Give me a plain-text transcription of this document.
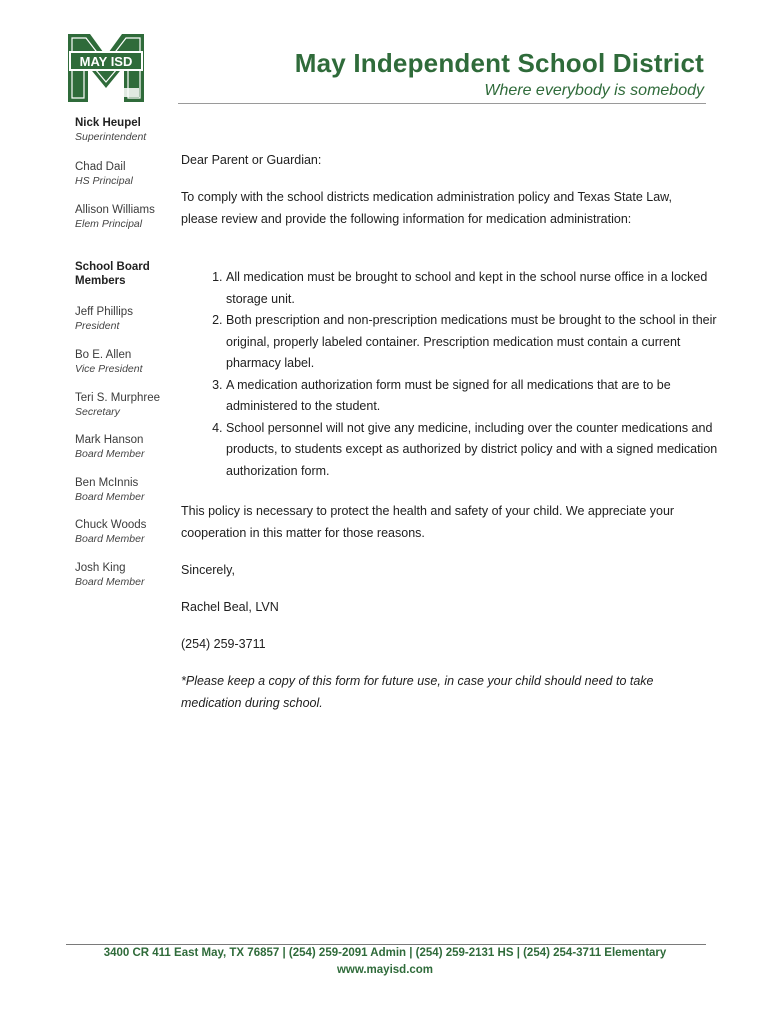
MAY ISD	May Independent School District
Where everybody is somebody
Nick Heupel
Superintendent
Chad Dail
HS Principal
Allison Williams
Elem Principal
School Board
Members
Jeff Phillips
President
Bo E. Allen
Vice President
Teri S. Murphree
Secretary
Mark Hanson
Board Member
Ben McInnis
Board Member
Chuck Woods
Board Member
Josh King
Board Member

Dear Parent or Guardian:

To comply with the school districts medication administration policy and Texas State Law, please review and provide the following information for medication administration:

1. All medication must be brought to school and kept in the school nurse office in a locked storage unit.
2. Both prescription and non-prescription medications must be brought to the school in their original, properly labeled container. Prescription medication must contain a current pharmacy label.
3. A medication authorization form must be signed for all medications that are to be administered to the student.
4. School personnel will not give any medicine, including over the counter medications and products, to students except as authorized by district policy and with a signed medication authorization form.

This policy is necessary to protect the health and safety of your child. We appreciate your cooperation in this matter for those reasons.

Sincerely,

Rachel Beal, LVN

(254) 259-3711

*Please keep a copy of this form for future use, in case your child should need to take medication during school.

3400 CR 411 East May, TX 76857 | (254) 259-2091 Admin | (254) 259-2131 HS | (254) 254-3711 Elementary
www.mayisd.com
